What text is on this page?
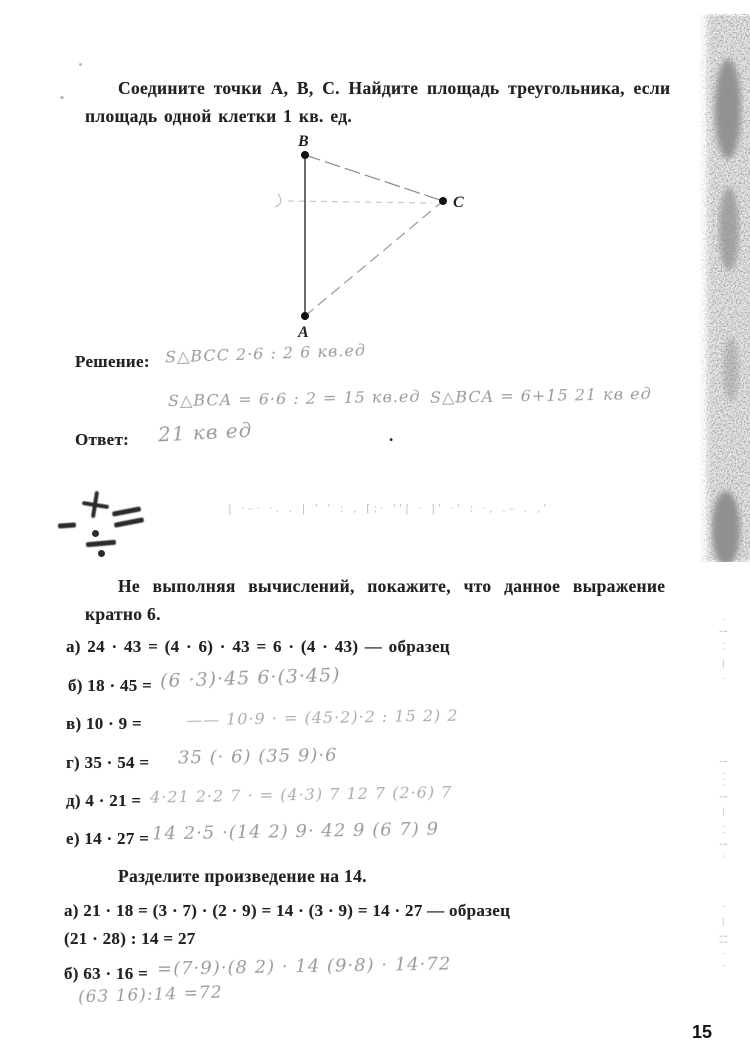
Соедините точки А, В, С. Найдите площадь треугольника, если
площадь одной клетки 1 кв. ед.
B
A
C
Решение: S△BCC 2·6 : 2 6 кв.ед
S△BCA = 6·6 : 2 = 15 кв.ед S△BCA = 6+15 21 кв ед
Ответ: 21 кв ед	.
| ·–· ·. . | ' ' : , [;· ''| · |' ·' : ·, .– . ,'
Не выполняя вычислений, покажите, что данное выражение
кратно 6.
а) 24 · 43 = (4 · 6) · 43 = 6 · (4 · 43) — образец
б) 18 · 45 = (6 ·3)·45 6·(3·45)
в) 10 · 9 =	—— 10·9 · = (45·2)·2 : 15 2) 2
г) 35 · 54 = 35 (· 6) (35 9)·6
д) 4 · 21 = 4·21 2·2 7 · = (4·3) 7 12 7 (2·6) 7
е) 14 · 27 = 14 2·5 ·(14 2) 9· 42 9 (6 7) 9
Разделите произведение на 14.
а) 21 · 18 = (3 · 7) · (2 · 9) = 14 · (3 · 9) = 14 · 27 — образец
(21 · 28) : 14 = 27
б) 63 · 16 = =(7·9)·(8 2) · 14 (9·8) · 14·72
(63 16):14 =72
15
· ¦ ·· — ·
¦ ··· ¦ — ·· ¦ ·
· — ¦¦ · ·
